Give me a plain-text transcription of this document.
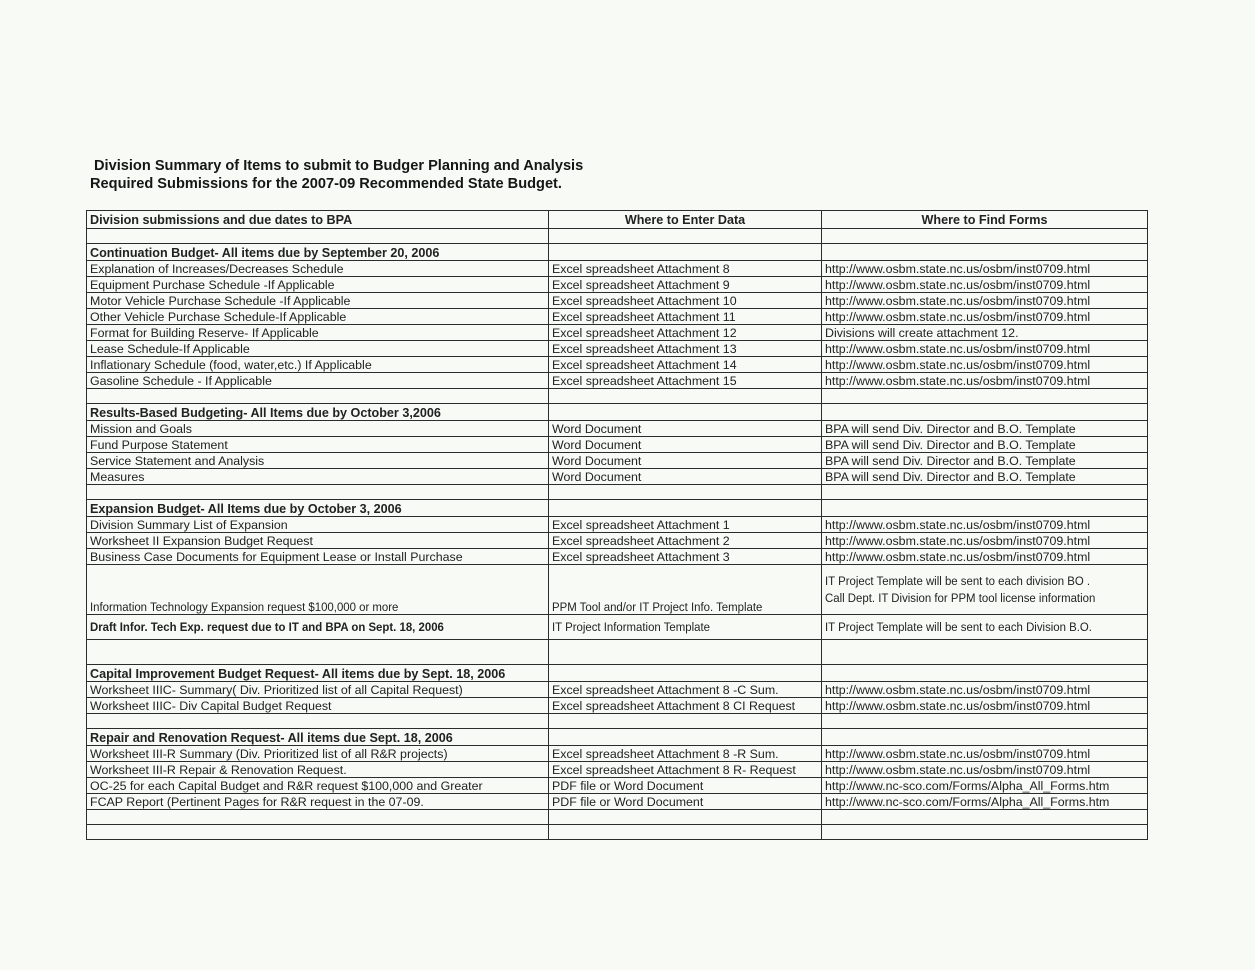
Division Summary of Items to submit to Budger Planning and Analysis
Required Submissions for the 2007-09 Recommended State Budget.
Division submissions and due dates to BPA	Where to Enter Data	Where to Find Forms

Continuation Budget- All items due by September 20, 2006		
Explanation of Increases/Decreases Schedule	Excel spreadsheet Attachment 8	http://www.osbm.state.nc.us/osbm/inst0709.html
Equipment Purchase Schedule -If Applicable	Excel spreadsheet Attachment 9	http://www.osbm.state.nc.us/osbm/inst0709.html
Motor Vehicle Purchase Schedule -If Applicable	Excel spreadsheet Attachment 10	http://www.osbm.state.nc.us/osbm/inst0709.html
Other Vehicle Purchase Schedule-If Applicable	Excel spreadsheet Attachment 11	http://www.osbm.state.nc.us/osbm/inst0709.html
Format for Building Reserve- If Applicable	Excel spreadsheet Attachment 12	Divisions will create attachment 12.
Lease Schedule-If Applicable	Excel spreadsheet Attachment 13	http://www.osbm.state.nc.us/osbm/inst0709.html
Inflationary Schedule (food, water,etc.) If Applicable	Excel spreadsheet Attachment 14	http://www.osbm.state.nc.us/osbm/inst0709.html
Gasoline Schedule - If Applicable	Excel spreadsheet Attachment 15	http://www.osbm.state.nc.us/osbm/inst0709.html

Results-Based Budgeting- All Items due by October 3,2006		
Mission and Goals	Word Document	BPA will send Div. Director and B.O. Template
Fund Purpose Statement	Word Document	BPA will send Div. Director and B.O. Template
Service Statement and Analysis	Word Document	BPA will send Div. Director and B.O. Template
Measures	Word Document	BPA will send Div. Director and B.O. Template

Expansion Budget- All Items due by October 3, 2006		
Division Summary List of Expansion	Excel spreadsheet Attachment 1	http://www.osbm.state.nc.us/osbm/inst0709.html
Worksheet II Expansion Budget Request	Excel spreadsheet Attachment 2	http://www.osbm.state.nc.us/osbm/inst0709.html
Business Case Documents for Equipment Lease or Install Purchase	Excel spreadsheet Attachment 3	http://www.osbm.state.nc.us/osbm/inst0709.html
Information Technology Expansion request $100,000 or more	PPM Tool and/or IT Project Info. Template	IT Project Template will be sent to each division BO . Call Dept. IT Division for PPM tool license information
Draft Infor. Tech Exp. request due to IT and BPA on Sept. 18, 2006	IT Project Information Template	IT Project Template will be sent to each Division B.O.

Capital Improvement Budget Request- All items due by Sept. 18, 2006		
Worksheet IIIC- Summary( Div. Prioritized list of all Capital Request)	Excel spreadsheet Attachment 8 -C Sum.	http://www.osbm.state.nc.us/osbm/inst0709.html
Worksheet IIIC- Div Capital Budget Request	Excel spreadsheet Attachment 8 CI Request	http://www.osbm.state.nc.us/osbm/inst0709.html

Repair and Renovation Request- All items due Sept. 18, 2006		
Worksheet III-R Summary (Div. Prioritized list of all R&R projects)	Excel spreadsheet Attachment 8 -R Sum.	http://www.osbm.state.nc.us/osbm/inst0709.html
Worksheet III-R Repair & Renovation Request.	Excel spreadsheet Attachment 8 R- Request	http://www.osbm.state.nc.us/osbm/inst0709.html
OC-25 for each Capital Budget and R&R request $100,000 and Greater	PDF file or Word Document	http://www.nc-sco.com/Forms/Alpha_All_Forms.htm
FCAP Report (Pertinent Pages for R&R request in the 07-09.	PDF file or Word Document	http://www.nc-sco.com/Forms/Alpha_All_Forms.htm
